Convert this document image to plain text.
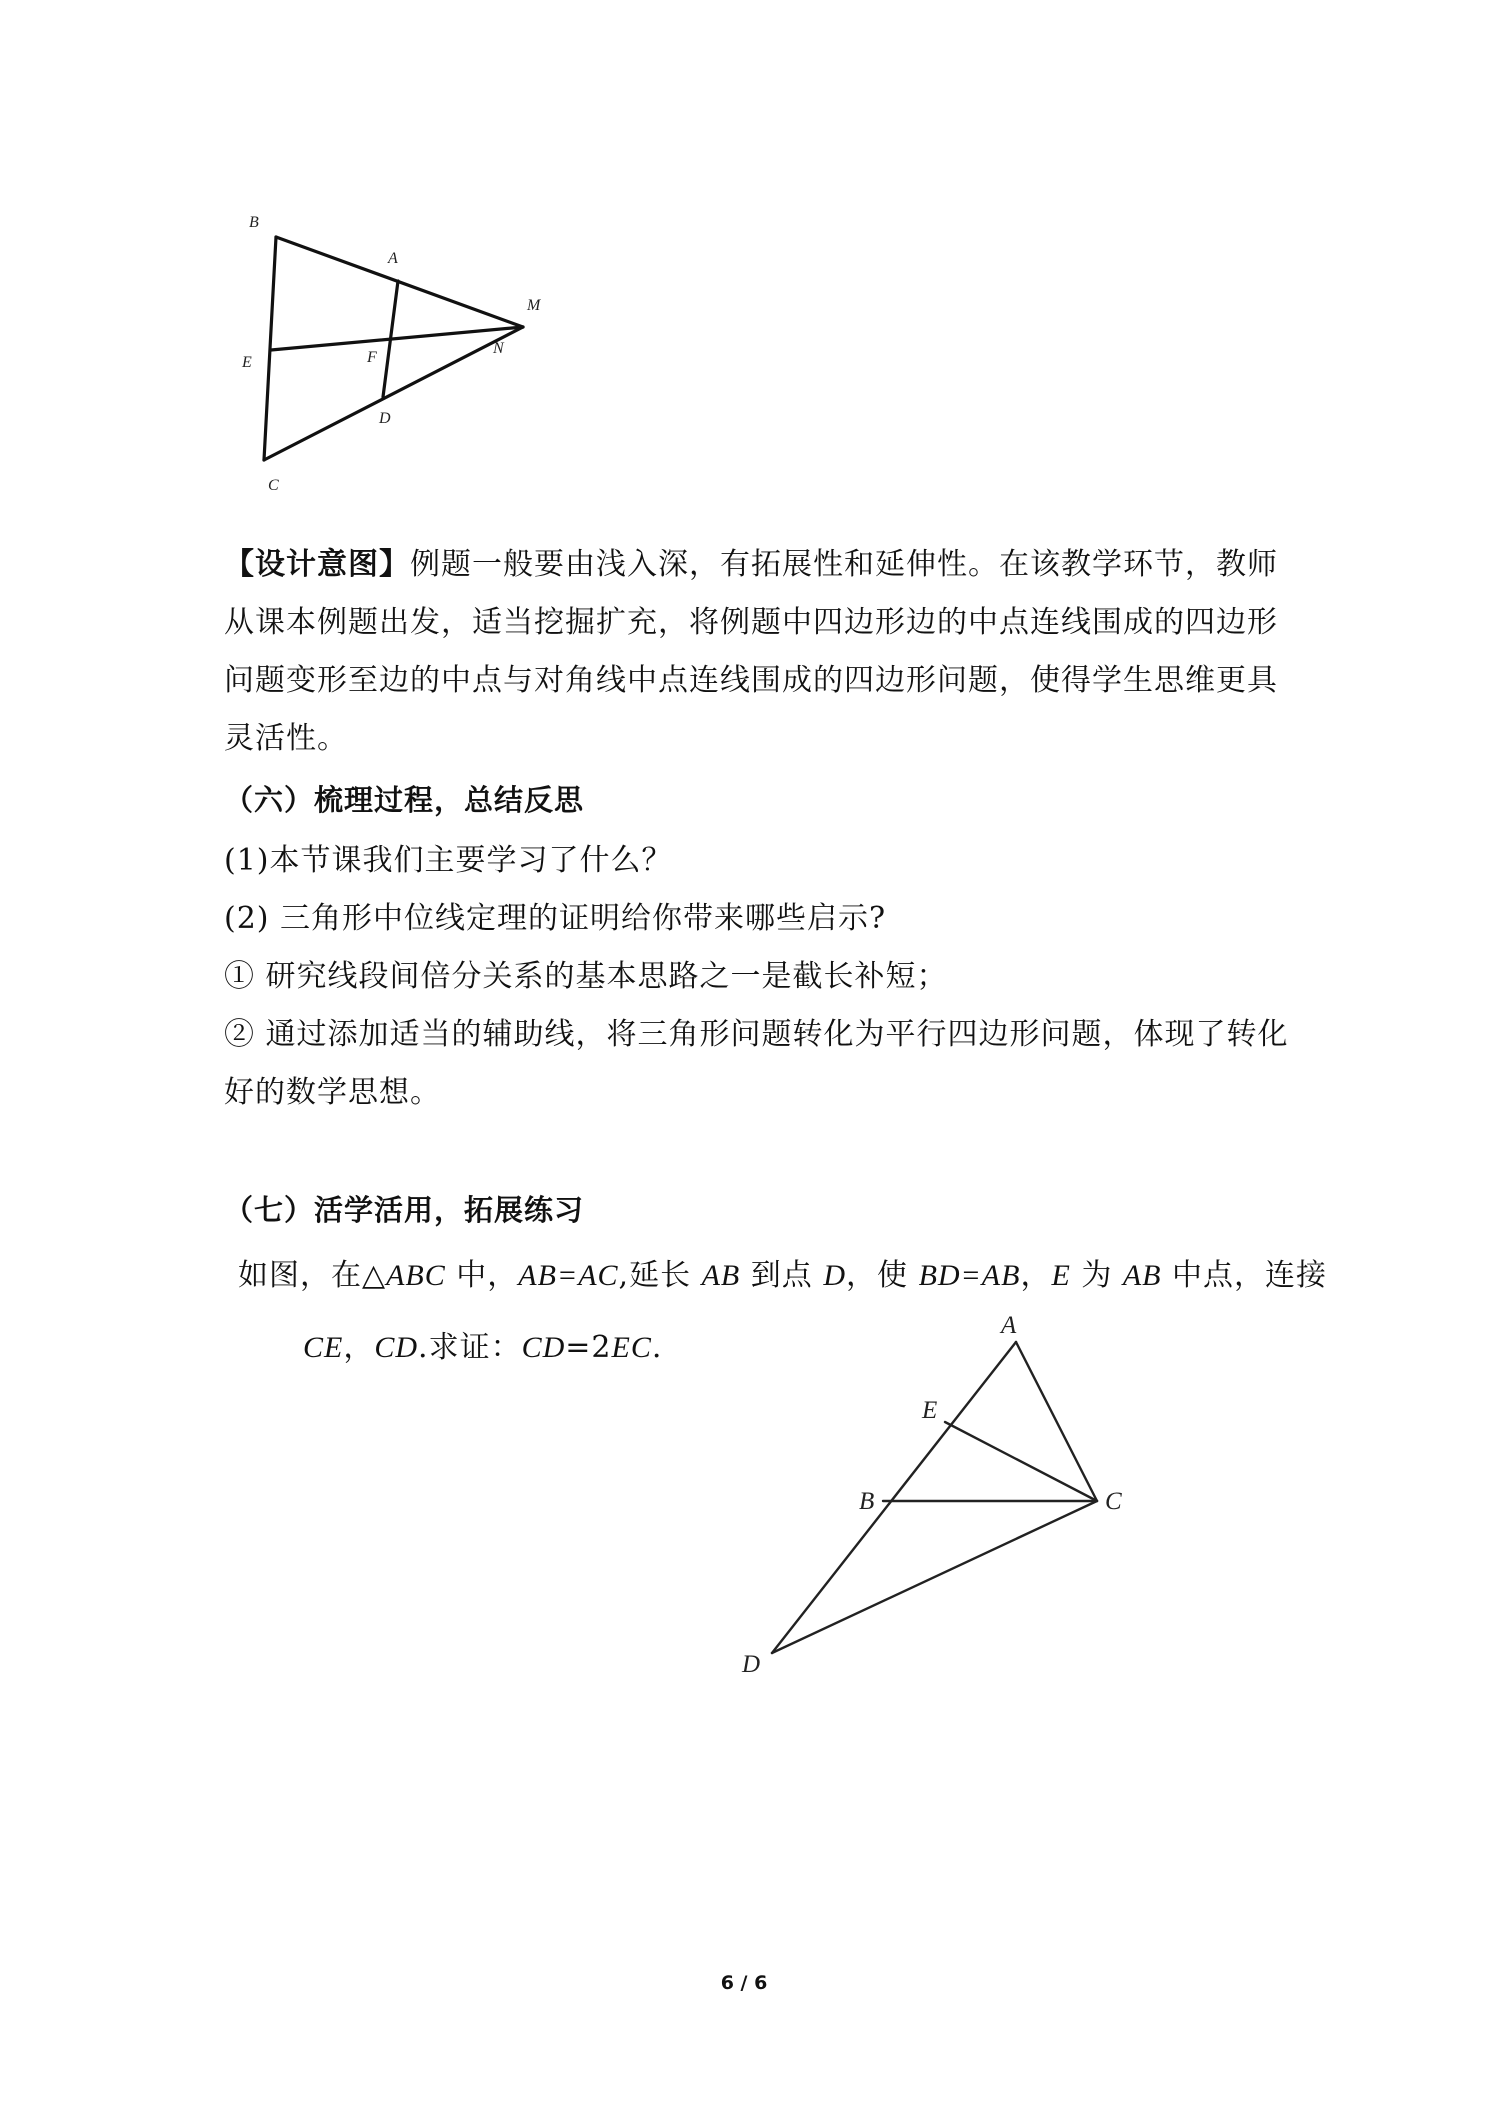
B
A
M
E	F
N
D
C
【设计意图】例题一般要由浅入深，有拓展性和延伸性。在该教学环节，教师从课本例题出发，适当挖掘扩充，将例题中四边形边的中点连线围成的四边形问题变形至边的中点与对角线中点连线围成的四边形问题，使得学生思维更具灵活性。
（六）梳理过程，总结反思
(1)本节课我们主要学习了什么？
(2) 三角形中位线定理的证明给你带来哪些启示?
① 研究线段间倍分关系的基本思路之一是截长补短；
② 通过添加适当的辅助线，将三角形问题转化为平行四边形问题，体现了转化
好的数学思想。
（七）活学活用，拓展练习
如图，在△ABC 中，AB=AC,延长 AB 到点 D，使 BD=AB，E 为 AB 中点，连接
CE，CD.求证：CD=2EC.
A
E
B	C
D
6 / 6
